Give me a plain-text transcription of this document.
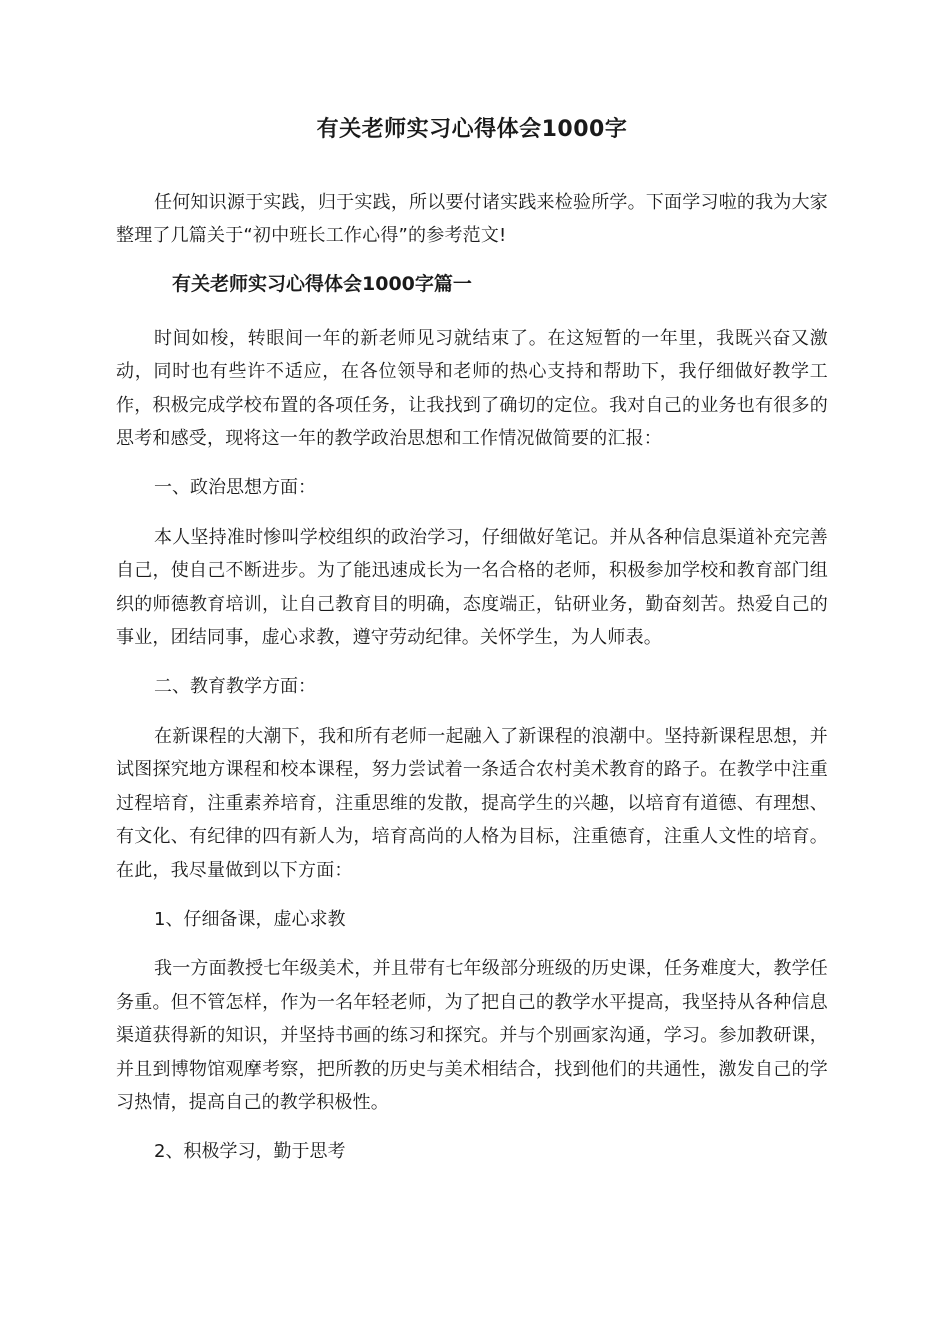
有关老师实习心得体会1000字

任何知识源于实践，归于实践，所以要付诸实践来检验所学。下面学习啦的我为大家整理了几篇关于“初中班长工作心得”的参考范文!

有关老师实习心得体会1000字篇一

时间如梭，转眼间一年的新老师见习就结束了。在这短暂的一年里，我既兴奋又激动，同时也有些许不适应，在各位领导和老师的热心支持和帮助下，我仔细做好教学工作，积极完成学校布置的各项任务，让我找到了确切的定位。我对自己的业务也有很多的思考和感受，现将这一年的教学政治思想和工作情况做简要的汇报：

一、政治思想方面：

本人坚持准时惨叫学校组织的政治学习，仔细做好笔记。并从各种信息渠道补充完善自己，使自己不断进步。为了能迅速成长为一名合格的老师，积极参加学校和教育部门组织的师德教育培训，让自己教育目的明确，态度端正，钻研业务，勤奋刻苦。热爱自己的事业，团结同事，虚心求教，遵守劳动纪律。关怀学生，为人师表。

二、教育教学方面：

在新课程的大潮下，我和所有老师一起融入了新课程的浪潮中。坚持新课程思想，并试图探究地方课程和校本课程，努力尝试着一条适合农村美术教育的路子。在教学中注重过程培育，注重素养培育，注重思维的发散，提高学生的兴趣，以培育有道德、有理想、有文化、有纪律的四有新人为，培育高尚的人格为目标，注重德育，注重人文性的培育。在此，我尽量做到以下方面：

1、仔细备课，虚心求教

我一方面教授七年级美术，并且带有七年级部分班级的历史课，任务难度大，教学任务重。但不管怎样，作为一名年轻老师，为了把自己的教学水平提高，我坚持从各种信息渠道获得新的知识，并坚持书画的练习和探究。并与个别画家沟通，学习。参加教研课，并且到博物馆观摩考察，把所教的历史与美术相结合，找到他们的共通性，激发自己的学习热情，提高自己的教学积极性。

2、积极学习，勤于思考
